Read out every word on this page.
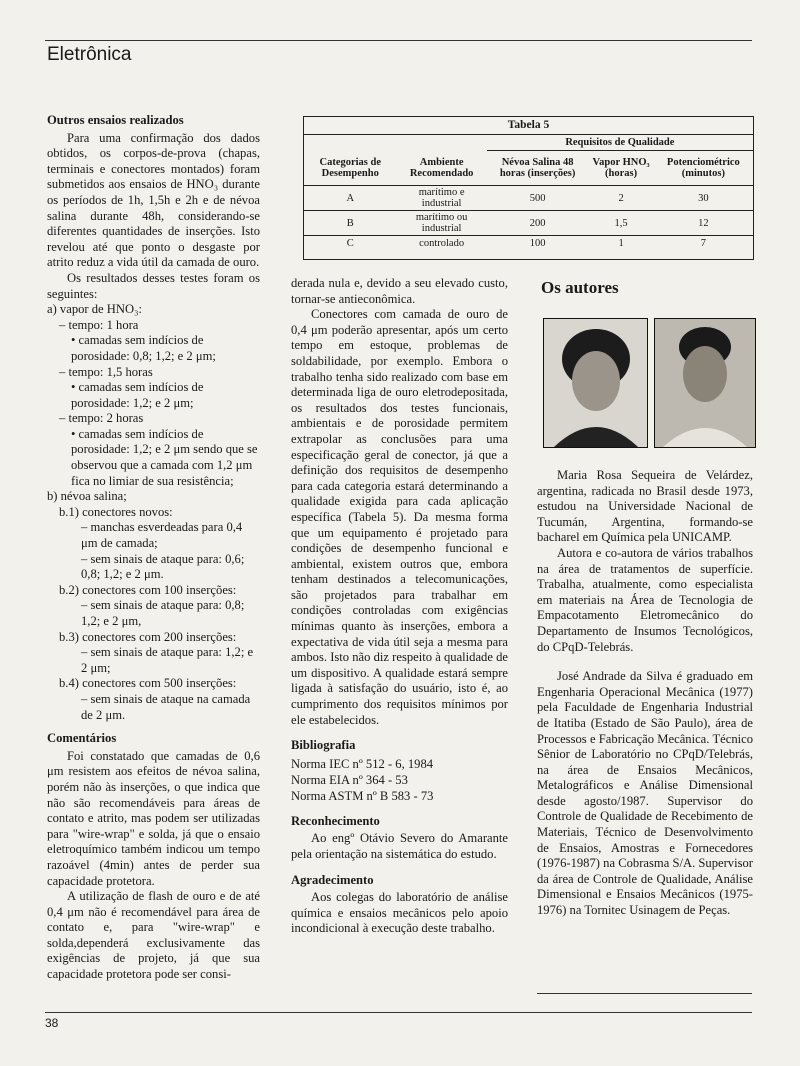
Eletrônica
Outros ensaios realizados

Para uma confirmação dos dados obtidos, os corpos-de-prova (chapas, terminais e conectores montados) foram submetidos aos ensaios de HNO₃ durante os períodos de 1h, 1,5h e 2h e de névoa salina durante 48h, considerando-se diferentes quantidades de inserções. Isto revelou até que ponto o desgaste por atrito reduz a vida útil da camada de ouro.

Os resultados desses testes foram os seguintes:

a) vapor de HNO₃:
– tempo: 1 hora
• camadas sem indícios de porosidade: 0,8; 1,2; e 2 μm;
– tempo: 1,5 horas
• camadas sem indícios de porosidade: 1,2; e 2 μm;
– tempo: 2 horas
• camadas sem indícios de porosidade: 1,2; e 2 μm sendo que se observou que a camada com 1,2 μm fica no limiar de sua resistência;
b) névoa salina;
b.1) conectores novos:
– manchas esverdeadas para 0,4 μm de camada;
– sem sinais de ataque para: 0,6; 0,8; 1,2; e 2 μm.
b.2) conectores com 100 inserções:
– sem sinais de ataque para: 0,8; 1,2; e 2 μm,
b.3) conectores com 200 inserções:
– sem sinais de ataque para: 1,2; e 2 μm;
b.4) conectores com 500 inserções:
– sem sinais de ataque na camada de 2 μm.
Comentários

Foi constatado que camadas de 0,6 μm resistem aos efeitos de névoa salina, porém não às inserções, o que indica que não são recomendáveis para áreas de contato e atrito, mas podem ser utilizadas para "wire-wrap" e solda, já que o ensaio eletroquímico também indicou um tempo razoável (4min) antes de perder sua capacidade protetora.

A utilização de flash de ouro e de até 0,4 μm não é recomendável para área de contato e, para "wire-wrap" e solda,dependerá exclusivamente das exigências de projeto, já que sua capacidade protetora pode ser consi-

Tabela 5				
		Requisitos de Qualidade		
Categorias de Desempenho	Ambiente Recomendado	Névoa Salina 48 horas (inserções)	Vapor HNO₃ (horas)	Potenciométrico (minutos)
A	marítimo e industrial	500	2	30
B	marítimo ou industrial	200	1,5	12
C	controlado	100	1	7

derada nula e, devido a seu elevado custo, tornar-se antieconômica.

Conectores com camada de ouro de 0,4 μm poderão apresentar, após um certo tempo em estoque, problemas de soldabilidade, por exemplo. Embora o trabalho tenha sido realizado com base em determinada liga de ouro eletrodepositada, os resultados dos testes funcionais, ambientais e de porosidade permitem extrapolar as conclusões para uma especificação geral de conector, já que a definição dos requisitos de desempenho para cada categoria estará determinando a qualidade exigida para cada aplicação específica (Tabela 5). Da mesma forma que um equipamento é projetado para condições de desempenho funcional e ambiental, existem outros que, embora tenham destinados a telecomunicações, são projetados para trabalhar em condições controladas com exigências mínimas quanto às inserções, embora a expectativa de vida útil seja a mesma para ambos. Isto não diz respeito à qualidade de um dispositivo. A qualidade estará sempre ligada à satisfação do usuário, isto é, ao cumprimento dos requisitos mínimos por ele estabelecidos.

Bibliografia
Norma IEC nº 512 - 6, 1984
Norma EIA nº 364 - 53
Norma ASTM nº B 583 - 73
Reconhecimento

Ao engº Otávio Severo do Amarante pela orientação na sistemática do estudo.

Agradecimento

Aos colegas do laboratório de análise química e ensaios mecânicos pelo apoio incondicional à execução deste trabalho.

Os autores

Maria Rosa Sequeira de Velárdez, argentina, radicada no Brasil desde 1973, estudou na Universidade Nacional de Tucumán, Argentina, formando-se bacharel em Química pela UNICAMP.

Autora e co-autora de vários trabalhos na área de tratamentos de superfície. Trabalha, atualmente, como especialista em materiais na Área de Tecnologia de Empacotamento Eletromecânico do Departamento de Insumos Tecnológicos, do CPqD-Telebrás.

José Andrade da Silva é graduado em Engenharia Operacional Mecânica (1977) pela Faculdade de Engenharia Industrial de Itatiba (Estado de São Paulo), área de Processos e Fabricação Mecânica. Técnico Sênior de Laboratório no CPqD/Telebrás, na área de Ensaios Mecânicos, Metalográficos e Análise Dimensional desde agosto/1987. Supervisor do Controle de Qualidade de Recebimento de Materiais, Técnico de Desenvolvimento de Ensaios, Amostras e Fornecedores (1976-1987) na Cobrasma S/A. Supervisor da área de Controle de Qualidade, Análise Dimensional e Ensaios Mecânicos (1975-1976) na Tornitec Usinagem de Peças.

38
